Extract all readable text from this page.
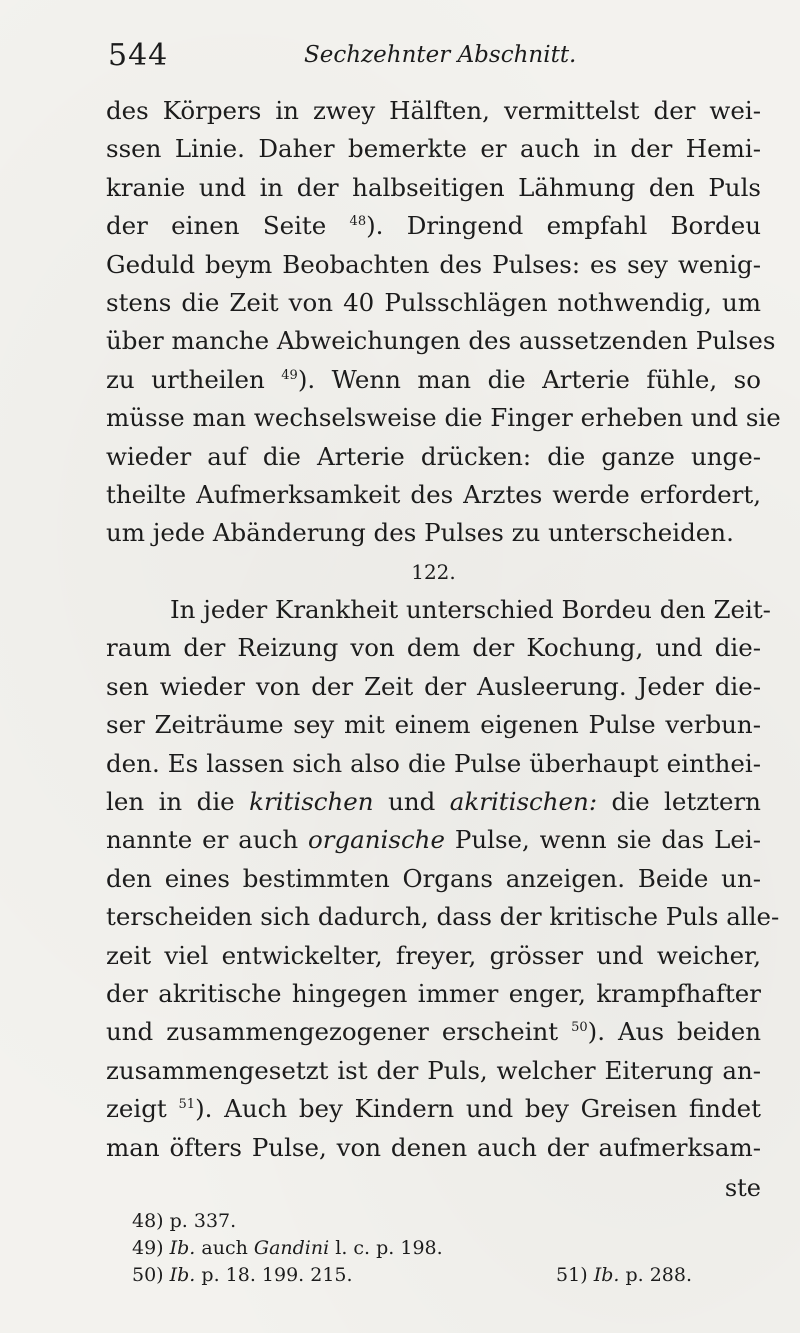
544	Sechzehnter Abschnitt.
des Körpers in zwey Hälften, vermittelst der wei-
ssen Linie. Daher bemerkte er auch in der Hemi-
kranie und in der halbseitigen Lähmung den Puls
der einen Seite $^{48}$). Dringend empfahl Bordeu
Geduld beym Beobachten des Pulses: es sey wenig-
stens die Zeit von 40 Pulsschlägen nothwendig, um
über manche Abweichungen des aussetzenden Pulses
zu urtheilen $^{49}$). Wenn man die Arterie fühle, so
müsse man wechselsweise die Finger erheben und sie
wieder auf die Arterie drücken: die ganze unge-
theilte Aufmerksamkeit des Arztes werde erfordert,
um jede Abänderung des Pulses zu unterscheiden.
122.
In jeder Krankheit unterschied Bordeu den Zeit-
raum der Reizung von dem der Kochung, und die-
sen wieder von der Zeit der Ausleerung. Jeder die-
ser Zeiträume sey mit einem eigenen Pulse verbun-
den. Es lassen sich also die Pulse überhaupt einthei-
len in die kritischen und akritischen: die letztern
nannte er auch organische Pulse, wenn sie das Lei-
den eines bestimmten Organs anzeigen. Beide un-
terscheiden sich dadurch, dass der kritische Puls alle-
zeit viel entwickelter, freyer, grösser und weicher,
der akritische hingegen immer enger, krampfhafter
und zusammengezogener erscheint $^{50}$). Aus beiden
zusammengesetzt ist der Puls, welcher Eiterung an-
zeigt $^{51}$). Auch bey Kindern und bey Greisen findet
man öfters Pulse, von denen auch der aufmerksam-
ste
48) p. 337.
49) Ib. auch Gandini l. c. p. 198.
50) Ib. p. 18. 199. 215.	51) Ib. p. 288.
